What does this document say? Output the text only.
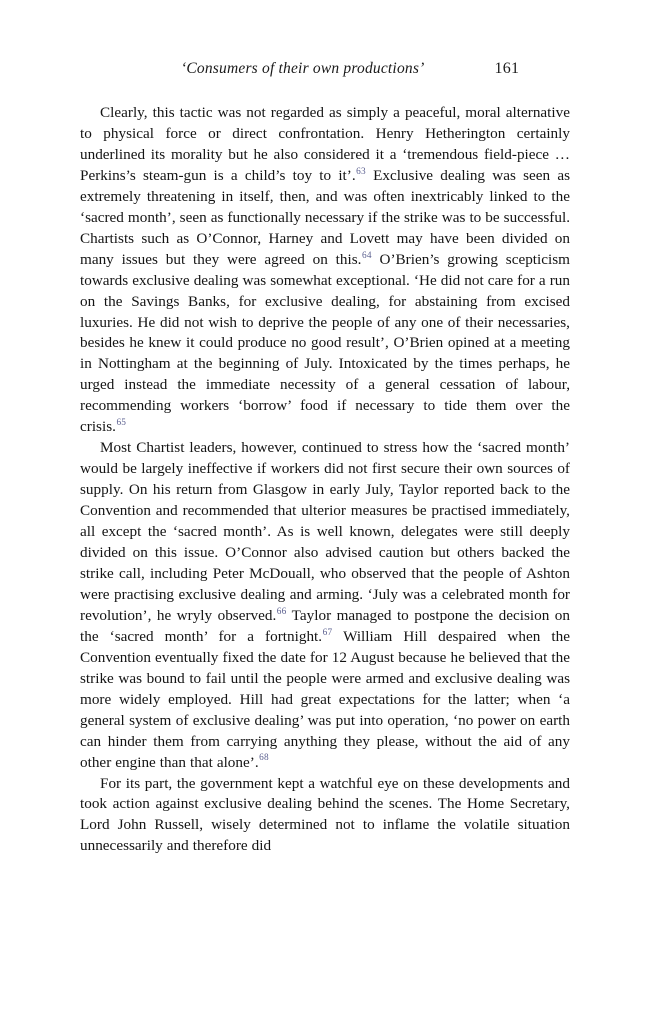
‘Consumers of their own productions’	161

Clearly, this tactic was not regarded as simply a peaceful, moral alternative to physical force or direct confrontation. Henry Hetherington certainly underlined its morality but he also considered it a ‘tremendous field-piece … Perkins’s steam-gun is a child’s toy to it’.$^{63}$ Exclusive dealing was seen as extremely threatening in itself, then, and was often inextricably linked to the ‘sacred month’, seen as functionally necessary if the strike was to be successful. Chartists such as O’Connor, Harney and Lovett may have been divided on many issues but they were agreed on this.$^{64}$ O’Brien’s growing scepticism towards exclusive dealing was somewhat exceptional. ‘He did not care for a run on the Savings Banks, for exclusive dealing, for abstaining from excised luxuries. He did not wish to deprive the people of any one of their necessaries, besides he knew it could produce no good result’, O’Brien opined at a meeting in Nottingham at the beginning of July. Intoxicated by the times perhaps, he urged instead the immediate necessity of a general cessation of labour, recommending workers ‘borrow’ food if necessary to tide them over the crisis.$^{65}$

Most Chartist leaders, however, continued to stress how the ‘sacred month’ would be largely ineffective if workers did not first secure their own sources of supply. On his return from Glasgow in early July, Taylor reported back to the Convention and recommended that ulterior measures be practised immediately, all except the ‘sacred month’. As is well known, delegates were still deeply divided on this issue. O’Connor also advised caution but others backed the strike call, including Peter McDouall, who observed that the people of Ashton were practising exclusive dealing and arming. ‘July was a celebrated month for revolution’, he wryly observed.$^{66}$ Taylor managed to postpone the decision on the ‘sacred month’ for a fortnight.$^{67}$ William Hill despaired when the Convention eventually fixed the date for 12 August because he believed that the strike was bound to fail until the people were armed and exclusive dealing was more widely employed. Hill had great expectations for the latter; when ‘a general system of exclusive dealing’ was put into operation, ‘no power on earth can hinder them from carrying anything they please, without the aid of any other engine than that alone’.$^{68}$

For its part, the government kept a watchful eye on these developments and took action against exclusive dealing behind the scenes. The Home Secretary, Lord John Russell, wisely determined not to inflame the volatile situation unnecessarily and therefore did
